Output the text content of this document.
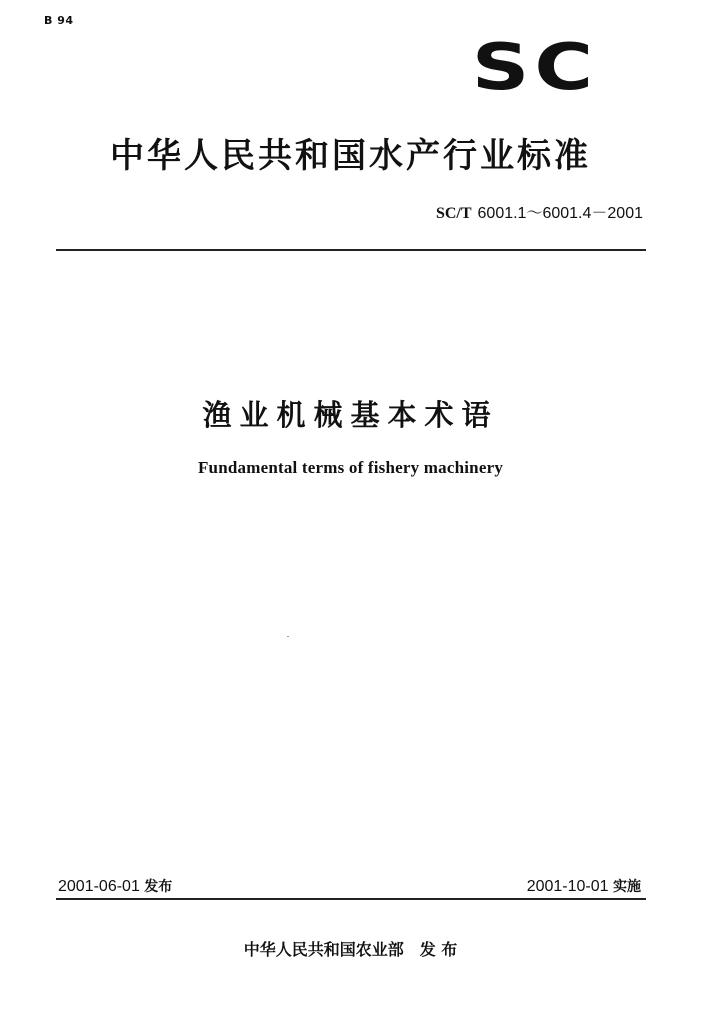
B 94
SC
中华人民共和国水产行业标准
SC/T 6001.1～6001.4－2001
渔业机械基本术语
Fundamental terms of fishery machinery
2001-06-01 发布	2001-10-01 实施
中华人民共和国农业部 发 布
